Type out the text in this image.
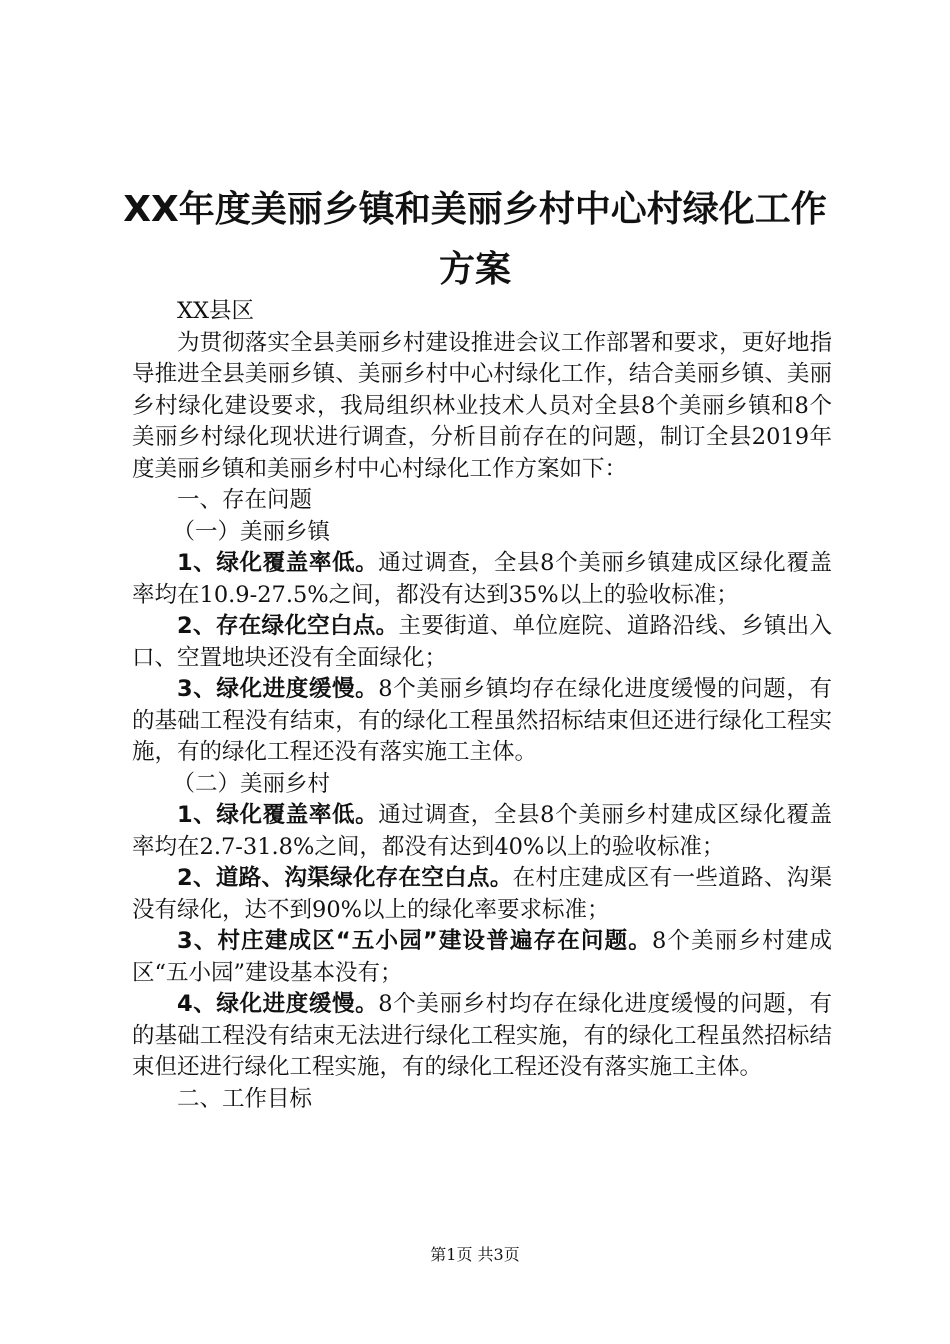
XX年度美丽乡镇和美丽乡村中心村绿化工作
方案

XX县区

为贯彻落实全县美丽乡村建设推进会议工作部署和要求，更好地指导推进全县美丽乡镇、美丽乡村中心村绿化工作，结合美丽乡镇、美丽乡村绿化建设要求，我局组织林业技术人员对全县8个美丽乡镇和8个美丽乡村绿化现状进行调查，分析目前存在的问题，制订全县2019年度美丽乡镇和美丽乡村中心村绿化工作方案如下：

一、存在问题

（一）美丽乡镇

1、绿化覆盖率低。通过调查，全县8个美丽乡镇建成区绿化覆盖率均在10.9-27.5%之间，都没有达到35%以上的验收标准；

2、存在绿化空白点。主要街道、单位庭院、道路沿线、乡镇出入口、空置地块还没有全面绿化；

3、绿化进度缓慢。8个美丽乡镇均存在绿化进度缓慢的问题，有的基础工程没有结束，有的绿化工程虽然招标结束但还进行绿化工程实施，有的绿化工程还没有落实施工主体。

（二）美丽乡村

1、绿化覆盖率低。通过调查，全县8个美丽乡村建成区绿化覆盖率均在2.7-31.8%之间，都没有达到40%以上的验收标准；

2、道路、沟渠绿化存在空白点。在村庄建成区有一些道路、沟渠没有绿化，达不到90%以上的绿化率要求标准；

3、村庄建成区“五小园”建设普遍存在问题。8个美丽乡村建成区“五小园”建设基本没有；

4、绿化进度缓慢。8个美丽乡村均存在绿化进度缓慢的问题，有的基础工程没有结束无法进行绿化工程实施，有的绿化工程虽然招标结束但还进行绿化工程实施，有的绿化工程还没有落实施工主体。

二、工作目标

第1页 共3页
